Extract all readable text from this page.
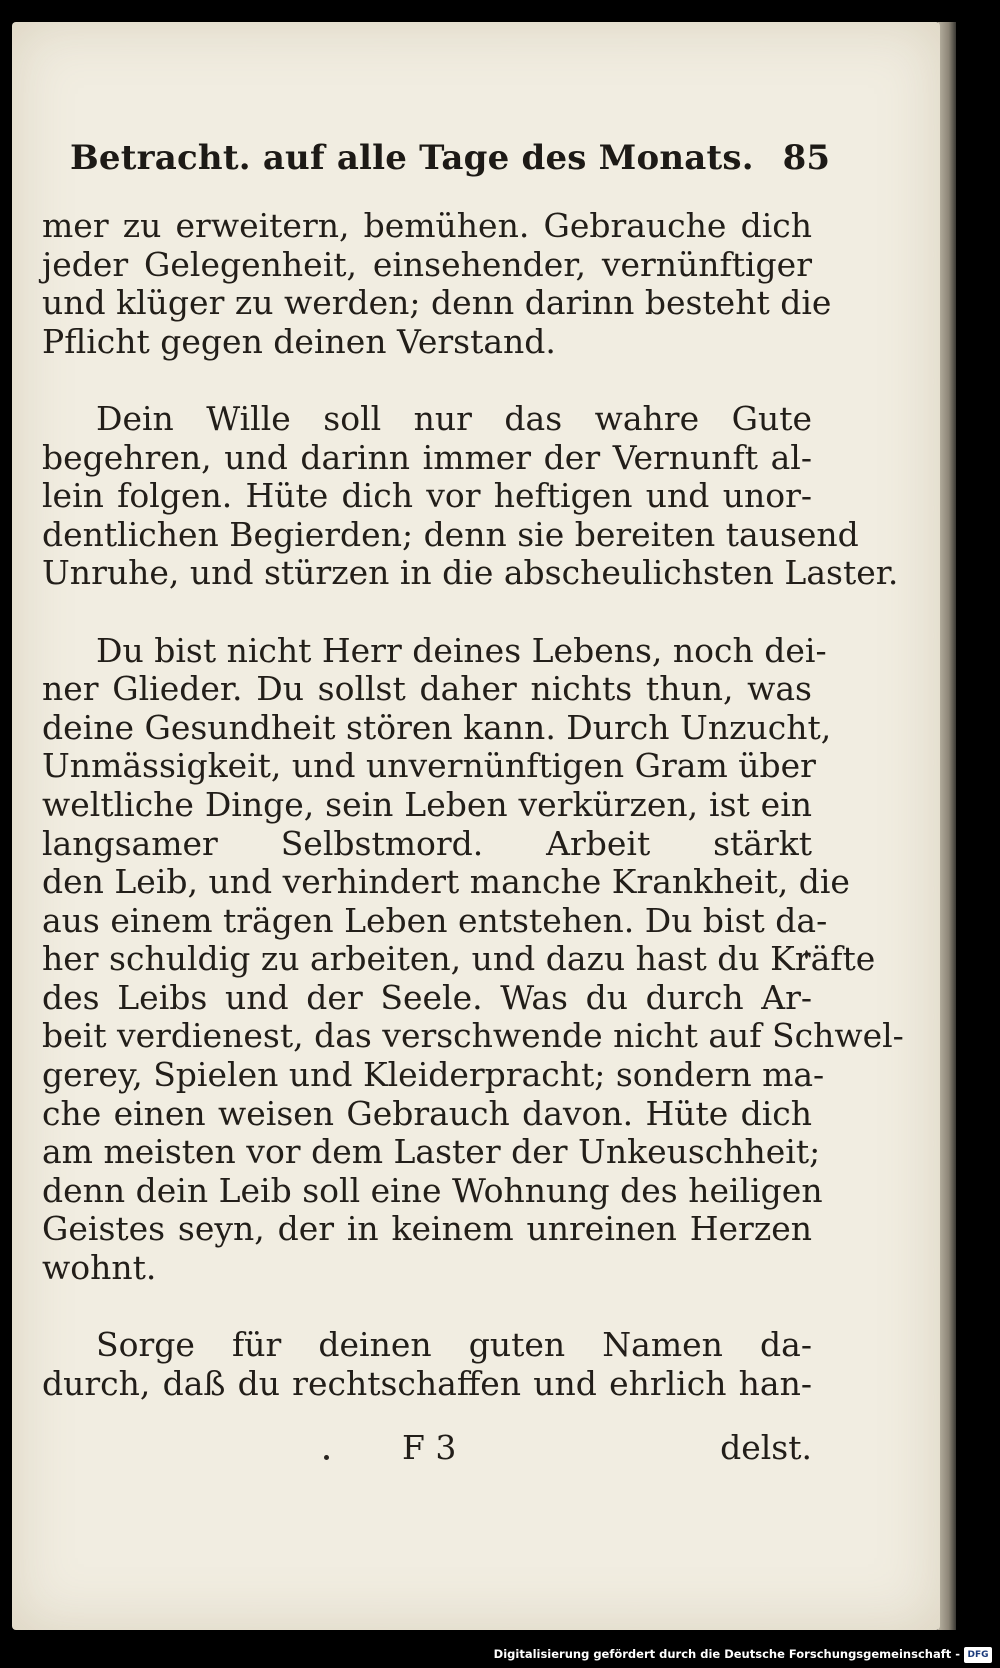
Betracht. auf alle Tage des Monats. 85

mer zu erweitern, bemühen. Gebrauche dich
jeder Gelegenheit, einsehender, vernünftiger
und klüger zu werden; denn darinn besteht die
Pflicht gegen deinen Verstand.

Dein Wille soll nur das wahre Gute
begehren, und darinn immer der Vernunft al-
lein folgen. Hüte dich vor heftigen und unor-
dentlichen Begierden; denn sie bereiten tausend
Unruhe, und stürzen in die abscheulichsten Laster.

Du bist nicht Herr deines Lebens, noch dei-
ner Glieder. Du sollst daher nichts thun, was
deine Gesundheit stören kann. Durch Unzucht,
Unmässigkeit, und unvernünftigen Gram über
weltliche Dinge, sein Leben verkürzen, ist ein
langsamer Selbstmord. Arbeit stärkt
den Leib, und verhindert manche Krankheit, die
aus einem trägen Leben entstehen. Du bist da-
her schuldig zu arbeiten, und dazu hast du Kräfte
des Leibs und der Seele. Was du durch Ar-
beit verdienest, das verschwende nicht auf Schwel-
gerey, Spielen und Kleiderpracht; sondern ma-
che einen weisen Gebrauch davon. Hüte dich
am meisten vor dem Laster der Unkeuschheit;
denn dein Leib soll eine Wohnung des heiligen
Geistes seyn, der in keinem unreinen Herzen
wohnt.

Sorge für deinen guten Namen da-
durch, daß du rechtschaffen und ehrlich han-

F 3	delst.
Digitalisierung gefördert durch die Deutsche Forschungsgemeinschaft - DFG
